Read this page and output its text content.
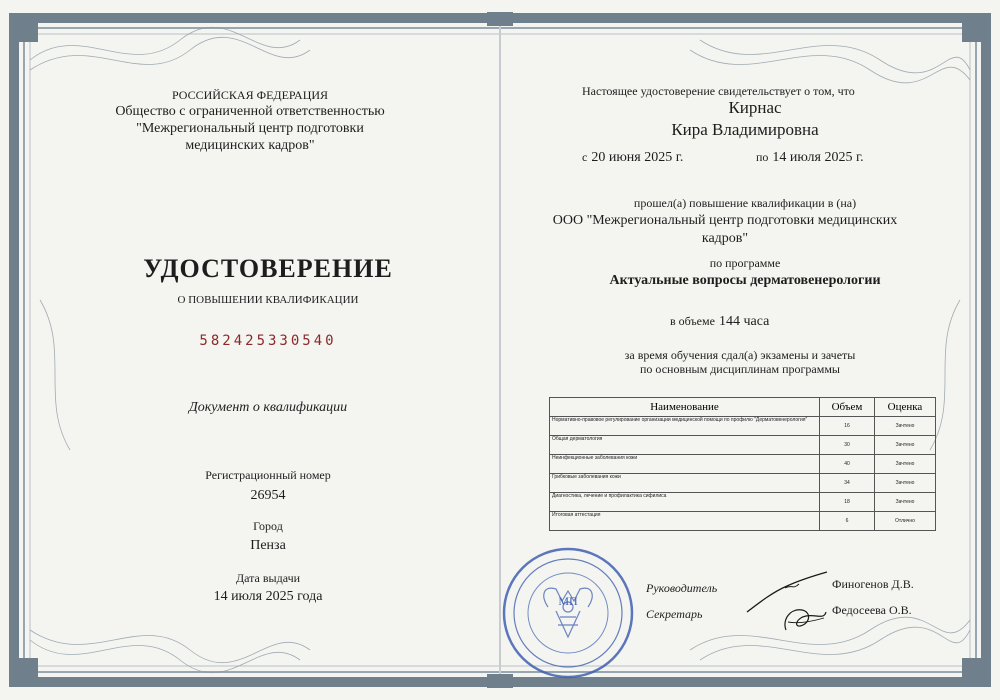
РОССИЙСКАЯ ФЕДЕРАЦИЯ
Общество с ограниченной ответственностью
"Межрегиональный центр подготовки
медицинских кадров"
УДОСТОВЕРЕНИЕ
О ПОВЫШЕНИИ КВАЛИФИКАЦИИ
582425330540
Документ о квалификации
Регистрационный номер
26954
Город
Пенза
Дата выдачи
14 июля 2025 года
Настоящее удостоверение свидетельствует о том, что
Кирнас
Кира Владимировна
с 20 июня 2025 г.	по 14 июля 2025 г.
прошел(а) повышение квалификации в (на)
ООО "Межрегиональный центр подготовки медицинских
кадров"
по программе
Актуальные вопросы дерматовенерологии
в объеме 144 часа
за время обучения сдал(а) экзамены и зачеты
по основным дисциплинам программы
Наименование	Объем	Оценка
Нормативно-правовое регулирование организации медицинской помощи по профилю "Дерматовенерология"	16	Зачтено
Общая дерматология	30	Зачтено
Неинфекционные заболевания кожи	40	Зачтено
Грибковые заболевания кожи	34	Зачтено
Диагностика, лечение и профилактика сифилиса	18	Зачтено
Итоговая аттестация	6	Отлично
МП
Руководитель	Финогенов Д.В.
Секретарь	Федосеева О.В.
